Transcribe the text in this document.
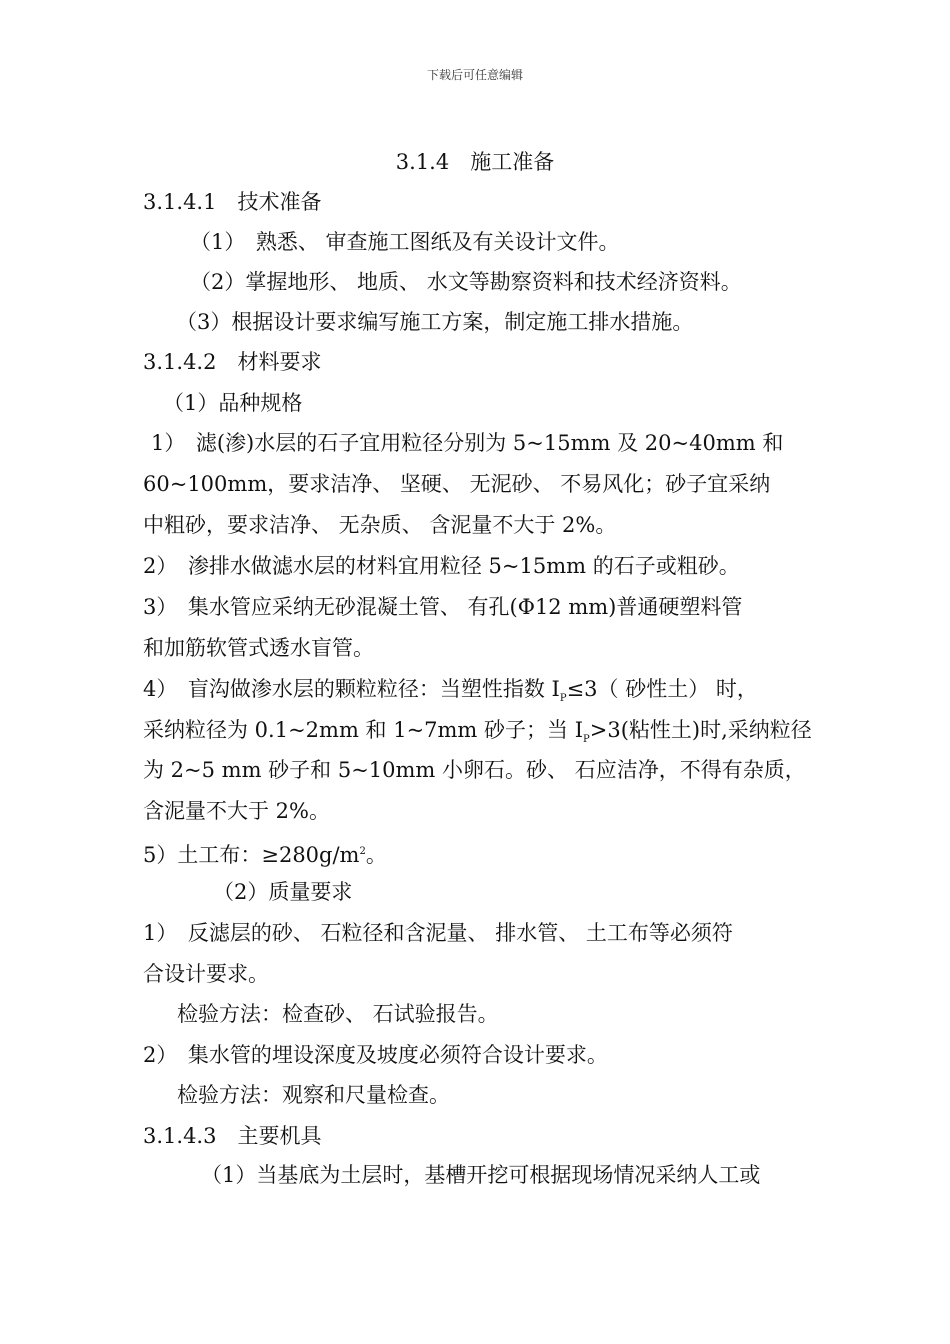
下载后可任意编辑
3.1.4　施工准备
3.1.4.1　技术准备
（1）　熟悉、 审查施工图纸及有关设计文件。
（2）掌握地形、 地质、 水文等勘察资料和技术经济资料。
（3）根据设计要求编写施工方案，制定施工排水措施。
3.1.4.2　材料要求
（1）品种规格
1）　滤(渗)水层的石子宜用粒径分别为 5~15mm 及 20~40mm 和
60~100mm，要求洁净、 坚硬、 无泥砂、 不易风化；砂子宜采纳
中粗砂，要求洁净、 无杂质、 含泥量不大于 2%。
2）　渗排水做滤水层的材料宜用粒径 5~15mm 的石子或粗砂。
3）　集水管应采纳无砂混凝土管、 有孔(Φ12 mm)普通硬塑料管
和加筋软管式透水盲管。
4）　盲沟做渗水层的颗粒粒径：当塑性指数 $I_P\le 3$（ 砂性土） 时，
采纳粒径为 0.1~2mm 和 1~7mm 砂子；当 $I_P>3$(粘性土)时,采纳粒径
为 2~5 mm 砂子和 5~10mm 小卵石。砂、 石应洁净，不得有杂质，
含泥量不大于 2%。
5）土工布：$\ge 280g/m^2$。
（2）质量要求
1）　反滤层的砂、 石粒径和含泥量、 排水管、 土工布等必须符
合设计要求。
检验方法：检查砂、 石试验报告。
2）　集水管的埋设深度及坡度必须符合设计要求。
检验方法：观察和尺量检查。
3.1.4.3　主要机具
（1）当基底为土层时，基槽开挖可根据现场情况采纳人工或
